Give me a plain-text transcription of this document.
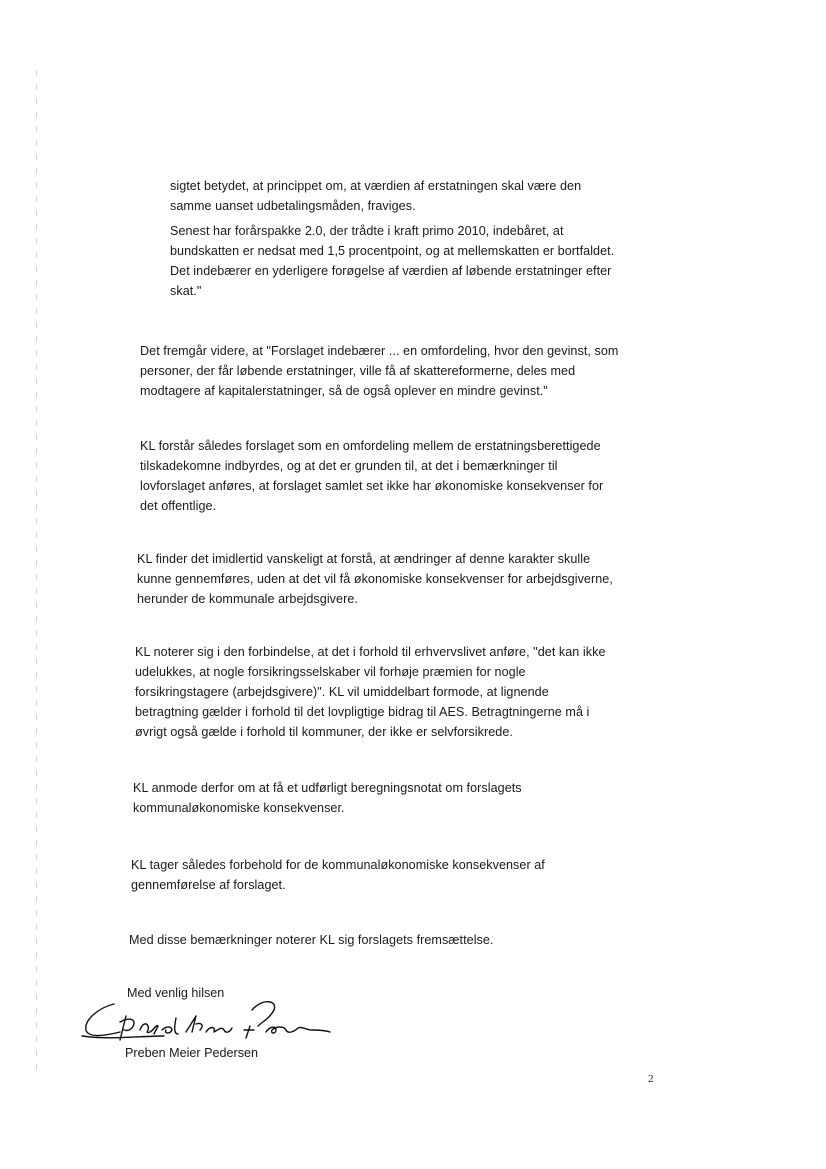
sigtet betydet, at princippet om, at værdien af erstatningen skal være den samme uanset udbetalingsmåden, fraviges.

Senest har forårspakke 2.0, der trådte i kraft primo 2010, indebåret, at bundskatten er nedsat med 1,5 procentpoint, og at mellemskatten er bortfaldet. Det indebærer en yderligere forøgelse af værdien af løbende erstatninger efter skat."

Det fremgår videre, at "Forslaget indebærer ... en omfordeling, hvor den gevinst, som personer, der får løbende erstatninger, ville få af skattereformerne, deles med modtagere af kapitalerstatninger, så de også oplever en mindre gevinst."

KL forstår således forslaget som en omfordeling mellem de erstatningsberettigede tilskadekomne indbyrdes, og at det er grunden til, at det i bemærkninger til lovforslaget anføres, at forslaget samlet set ikke har økonomiske konsekvenser for det offentlige.

KL finder det imidlertid vanskeligt at forstå, at ændringer af denne karakter skulle kunne gennemføres, uden at det vil få økonomiske konsekvenser for arbejdsgiverne, herunder de kommunale arbejdsgivere.

KL noterer sig i den forbindelse, at det i forhold til erhvervslivet anføre, "det kan ikke udelukkes, at nogle forsikringsselskaber vil forhøje præmien for nogle forsikringstagere (arbejdsgivere)". KL vil umiddelbart formode, at lignende betragtning gælder i forhold til det lovpligtige bidrag til AES. Betragtningerne må i øvrigt også gælde i forhold til kommuner, der ikke er selvforsikrede.

KL anmode derfor om at få et udførligt beregningsnotat om forslagets kommunaløkonomiske konsekvenser.

KL tager således forbehold for de kommunaløkonomiske konsekvenser af gennemførelse af forslaget.

Med disse bemærkninger noterer KL sig forslagets fremsættelse.

Med venlig hilsen

Preben Meier Pedersen

2
